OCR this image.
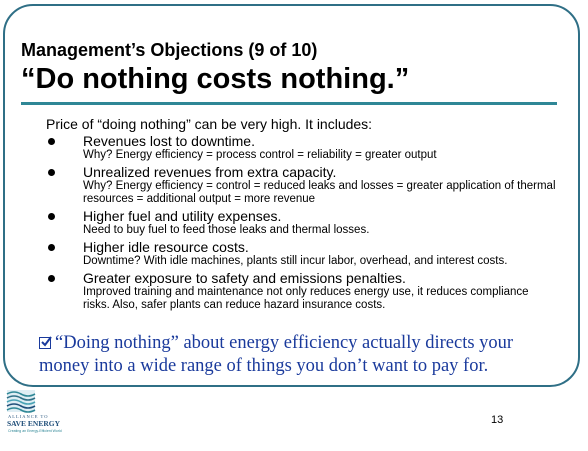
Management’s Objections (9 of 10)
“Do nothing costs nothing.”
Price of “doing nothing” can be very high. It includes:
Revenues lost to downtime.
Why? Energy efficiency = process control = reliability = greater output
Unrealized revenues from extra capacity.
Why? Energy efficiency = control = reduced leaks and losses = greater application of thermal resources = additional output = more revenue
Higher fuel and utility expenses.
Need to buy fuel to feed those leaks and thermal losses.
Higher idle resource costs.
Downtime? With idle machines, plants still incur labor, overhead, and interest costs.
Greater exposure to safety and emissions penalties.
Improved training and maintenance not only reduces energy use, it reduces compliance risks. Also, safer plants can reduce hazard insurance costs.

“Doing nothing” about energy efficiency actually directs your money into a wide range of things you don’t want to pay for.

ALLIANCE TO
SAVE ENERGY
Creating an Energy-Efficient World
13
